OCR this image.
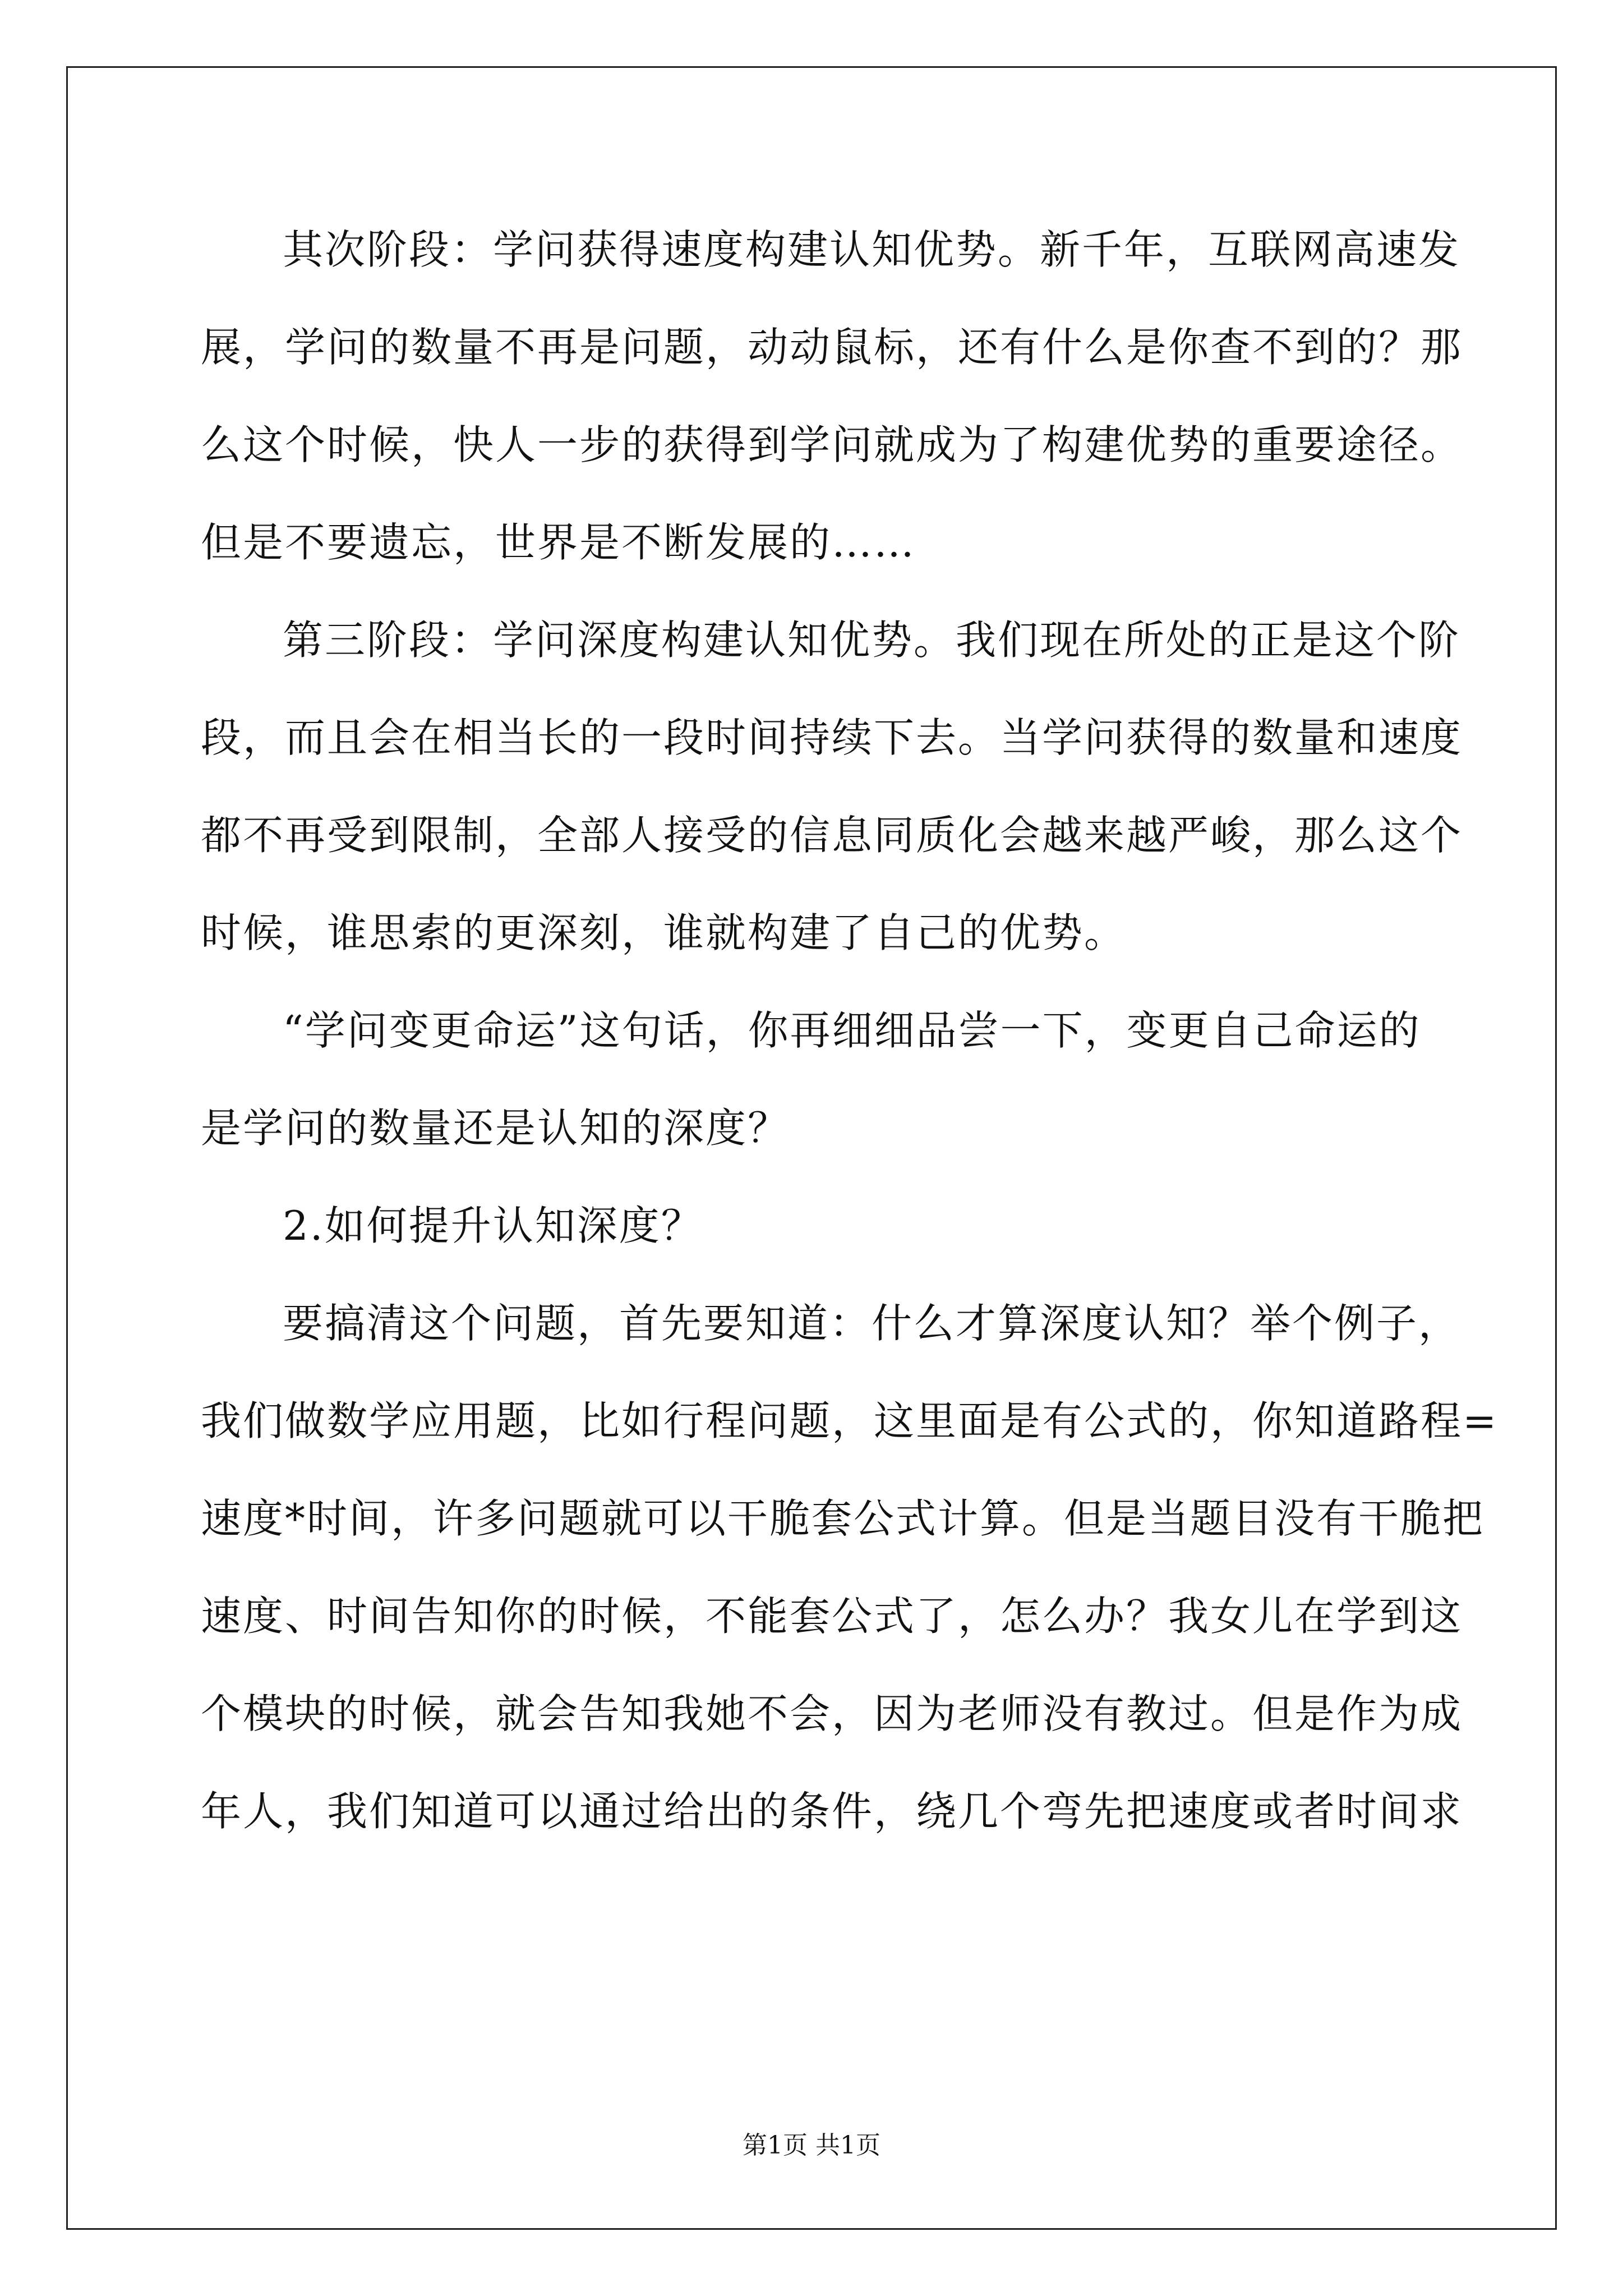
其次阶段：学问获得速度构建认知优势。新千年，互联网高速发
展，学问的数量不再是问题，动动鼠标，还有什么是你查不到的？那
么这个时候，快人一步的获得到学问就成为了构建优势的重要途径。
但是不要遗忘，世界是不断发展的……
第三阶段：学问深度构建认知优势。我们现在所处的正是这个阶
段，而且会在相当长的一段时间持续下去。当学问获得的数量和速度
都不再受到限制，全部人接受的信息同质化会越来越严峻，那么这个
时候，谁思索的更深刻，谁就构建了自己的优势。
“学问变更命运”这句话，你再细细品尝一下，变更自己命运的
是学问的数量还是认知的深度？
2.如何提升认知深度？
要搞清这个问题，首先要知道：什么才算深度认知？举个例子，
我们做数学应用题，比如行程问题，这里面是有公式的，你知道路程=
速度*时间，许多问题就可以干脆套公式计算。但是当题目没有干脆把
速度、时间告知你的时候，不能套公式了，怎么办？我女儿在学到这
个模块的时候，就会告知我她不会，因为老师没有教过。但是作为成
年人，我们知道可以通过给出的条件，绕几个弯先把速度或者时间求
第1页 共1页
